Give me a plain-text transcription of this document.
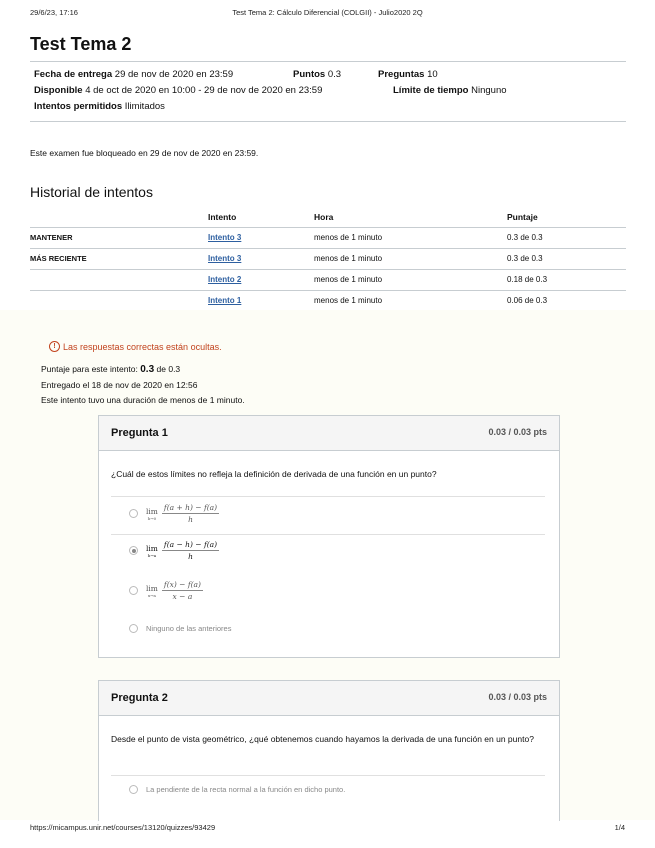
29/6/23, 17:16	Test Tema 2: Cálculo Diferencial (COLGII) - Julio2020 2Q
Test Tema 2
Fecha de entrega 29 de nov de 2020 en 23:59	Puntos 0.3	Preguntas 10
Disponible 4 de oct de 2020 en 10:00 - 29 de nov de 2020 en 23:59	Límite de tiempo Ninguno
Intentos permitidos Ilimitados
Este examen fue bloqueado en 29 de nov de 2020 en 23:59.
Historial de intentos
	Intento	Hora	Puntaje
MANTENER	Intento 3	menos de 1 minuto	0.3 de 0.3
MÁS RECIENTE	Intento 3	menos de 1 minuto	0.3 de 0.3
	Intento 2	menos de 1 minuto	0.18 de 0.3
	Intento 1	menos de 1 minuto	0.06 de 0.3
! Las respuestas correctas están ocultas.
Puntaje para este intento: 0.3 de 0.3
Entregado el 18 de nov de 2020 en 12:56
Este intento tuvo una duración de menos de 1 minuto.
Pregunta 1	0.03 / 0.03 pts
¿Cuál de estos límites no refleja la definición de derivada de una función en un punto?
lim
$h\to 0 \frac{f(a + h) - f(a)}{h}$
lim
$h\to a \frac{f(a - h) - f(a)}{h}$
lim
$x\to a \frac{f(x) - f(a)}{x - a}$
Ninguno de las anteriores
Pregunta 2	0.03 / 0.03 pts
Desde el punto de vista geométrico, ¿qué obtenemos cuando hayamos la derivada de una función en un punto?
La pendiente de la recta normal a la función en dicho punto.
https://micampus.unir.net/courses/13120/quizzes/93429	1/4
